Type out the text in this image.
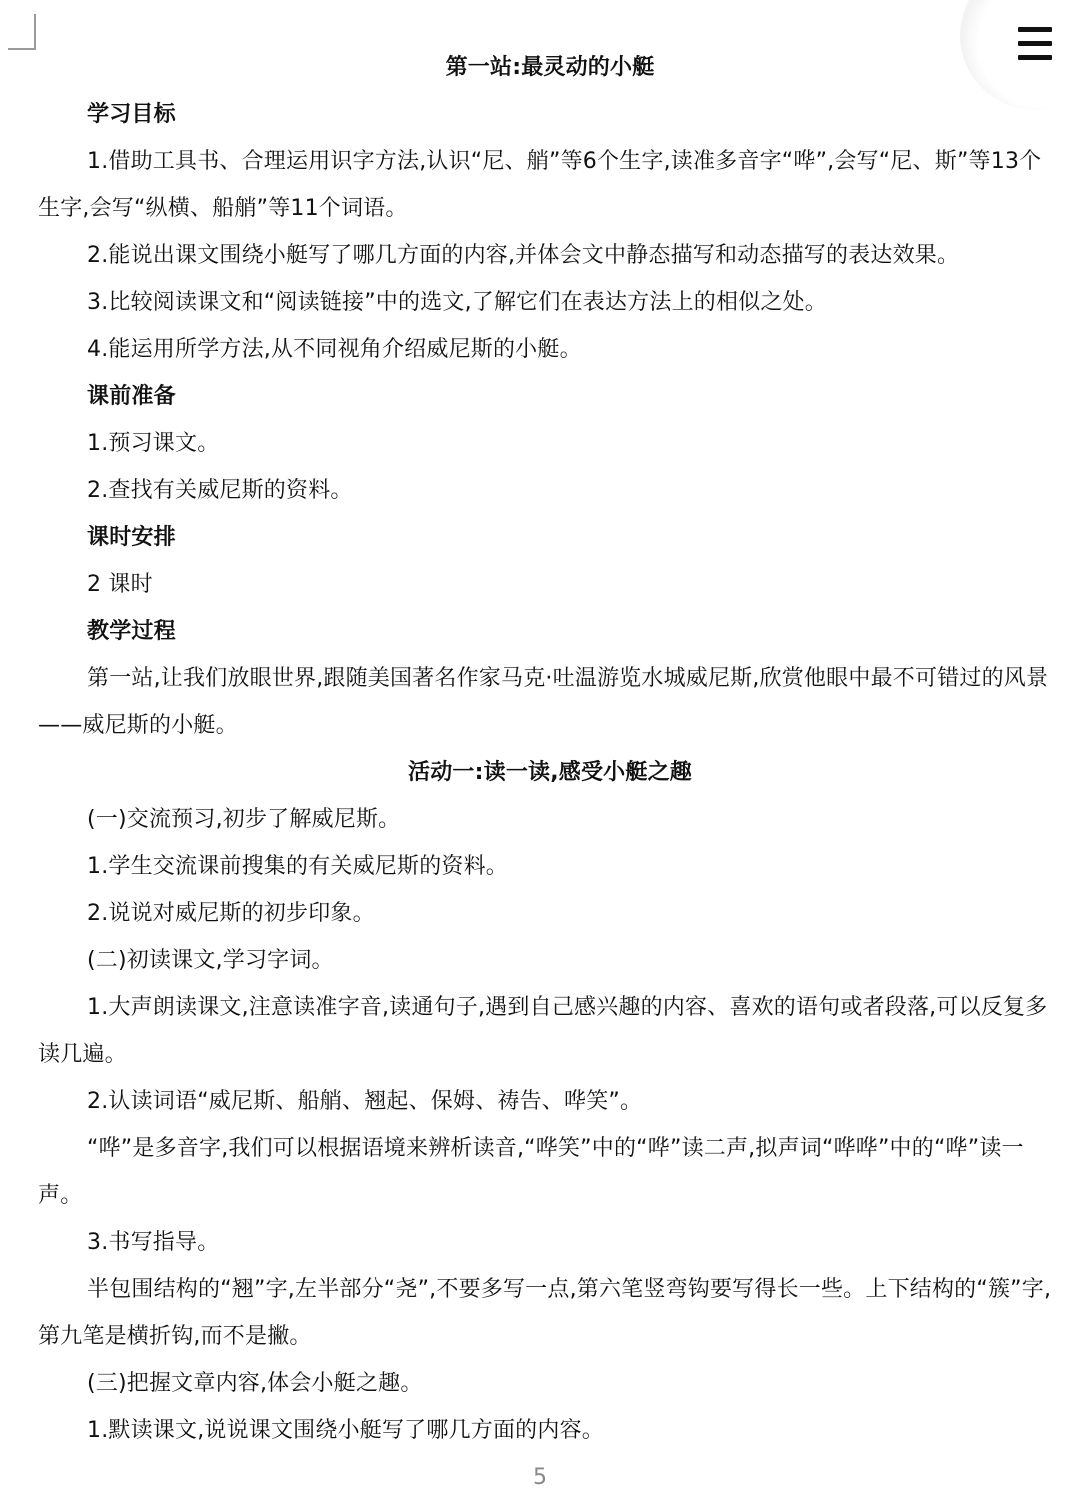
第一站:最灵动的小艇

学习目标

1.借助工具书、合理运用识字方法,认识“尼、艄”等6个生字,读准多音字“哗”,会写“尼、斯”等13个生字,会写“纵横、船艄”等11个词语。

2.能说出课文围绕小艇写了哪几方面的内容,并体会文中静态描写和动态描写的表达效果。

3.比较阅读课文和“阅读链接”中的选文,了解它们在表达方法上的相似之处。

4.能运用所学方法,从不同视角介绍威尼斯的小艇。

课前准备

1.预习课文。

2.查找有关威尼斯的资料。

课时安排

2 课时

教学过程

第一站,让我们放眼世界,跟随美国著名作家马克·吐温游览水城威尼斯,欣赏他眼中最不可错过的风景——威尼斯的小艇。

活动一:读一读,感受小艇之趣

(一)交流预习,初步了解威尼斯。

1.学生交流课前搜集的有关威尼斯的资料。

2.说说对威尼斯的初步印象。

(二)初读课文,学习字词。

1.大声朗读课文,注意读准字音,读通句子,遇到自己感兴趣的内容、喜欢的语句或者段落,可以反复多读几遍。

2.认读词语“威尼斯、船艄、翘起、保姆、祷告、哗笑”。

“哗”是多音字,我们可以根据语境来辨析读音,“哗笑”中的“哗”读二声,拟声词“哗哗”中的“哗”读一声。

3.书写指导。

半包围结构的“翘”字,左半部分“尧”,不要多写一点,第六笔竖弯钩要写得长一些。上下结构的“簇”字,第九笔是横折钩,而不是撇。

(三)把握文章内容,体会小艇之趣。

1.默读课文,说说课文围绕小艇写了哪几方面的内容。

5
